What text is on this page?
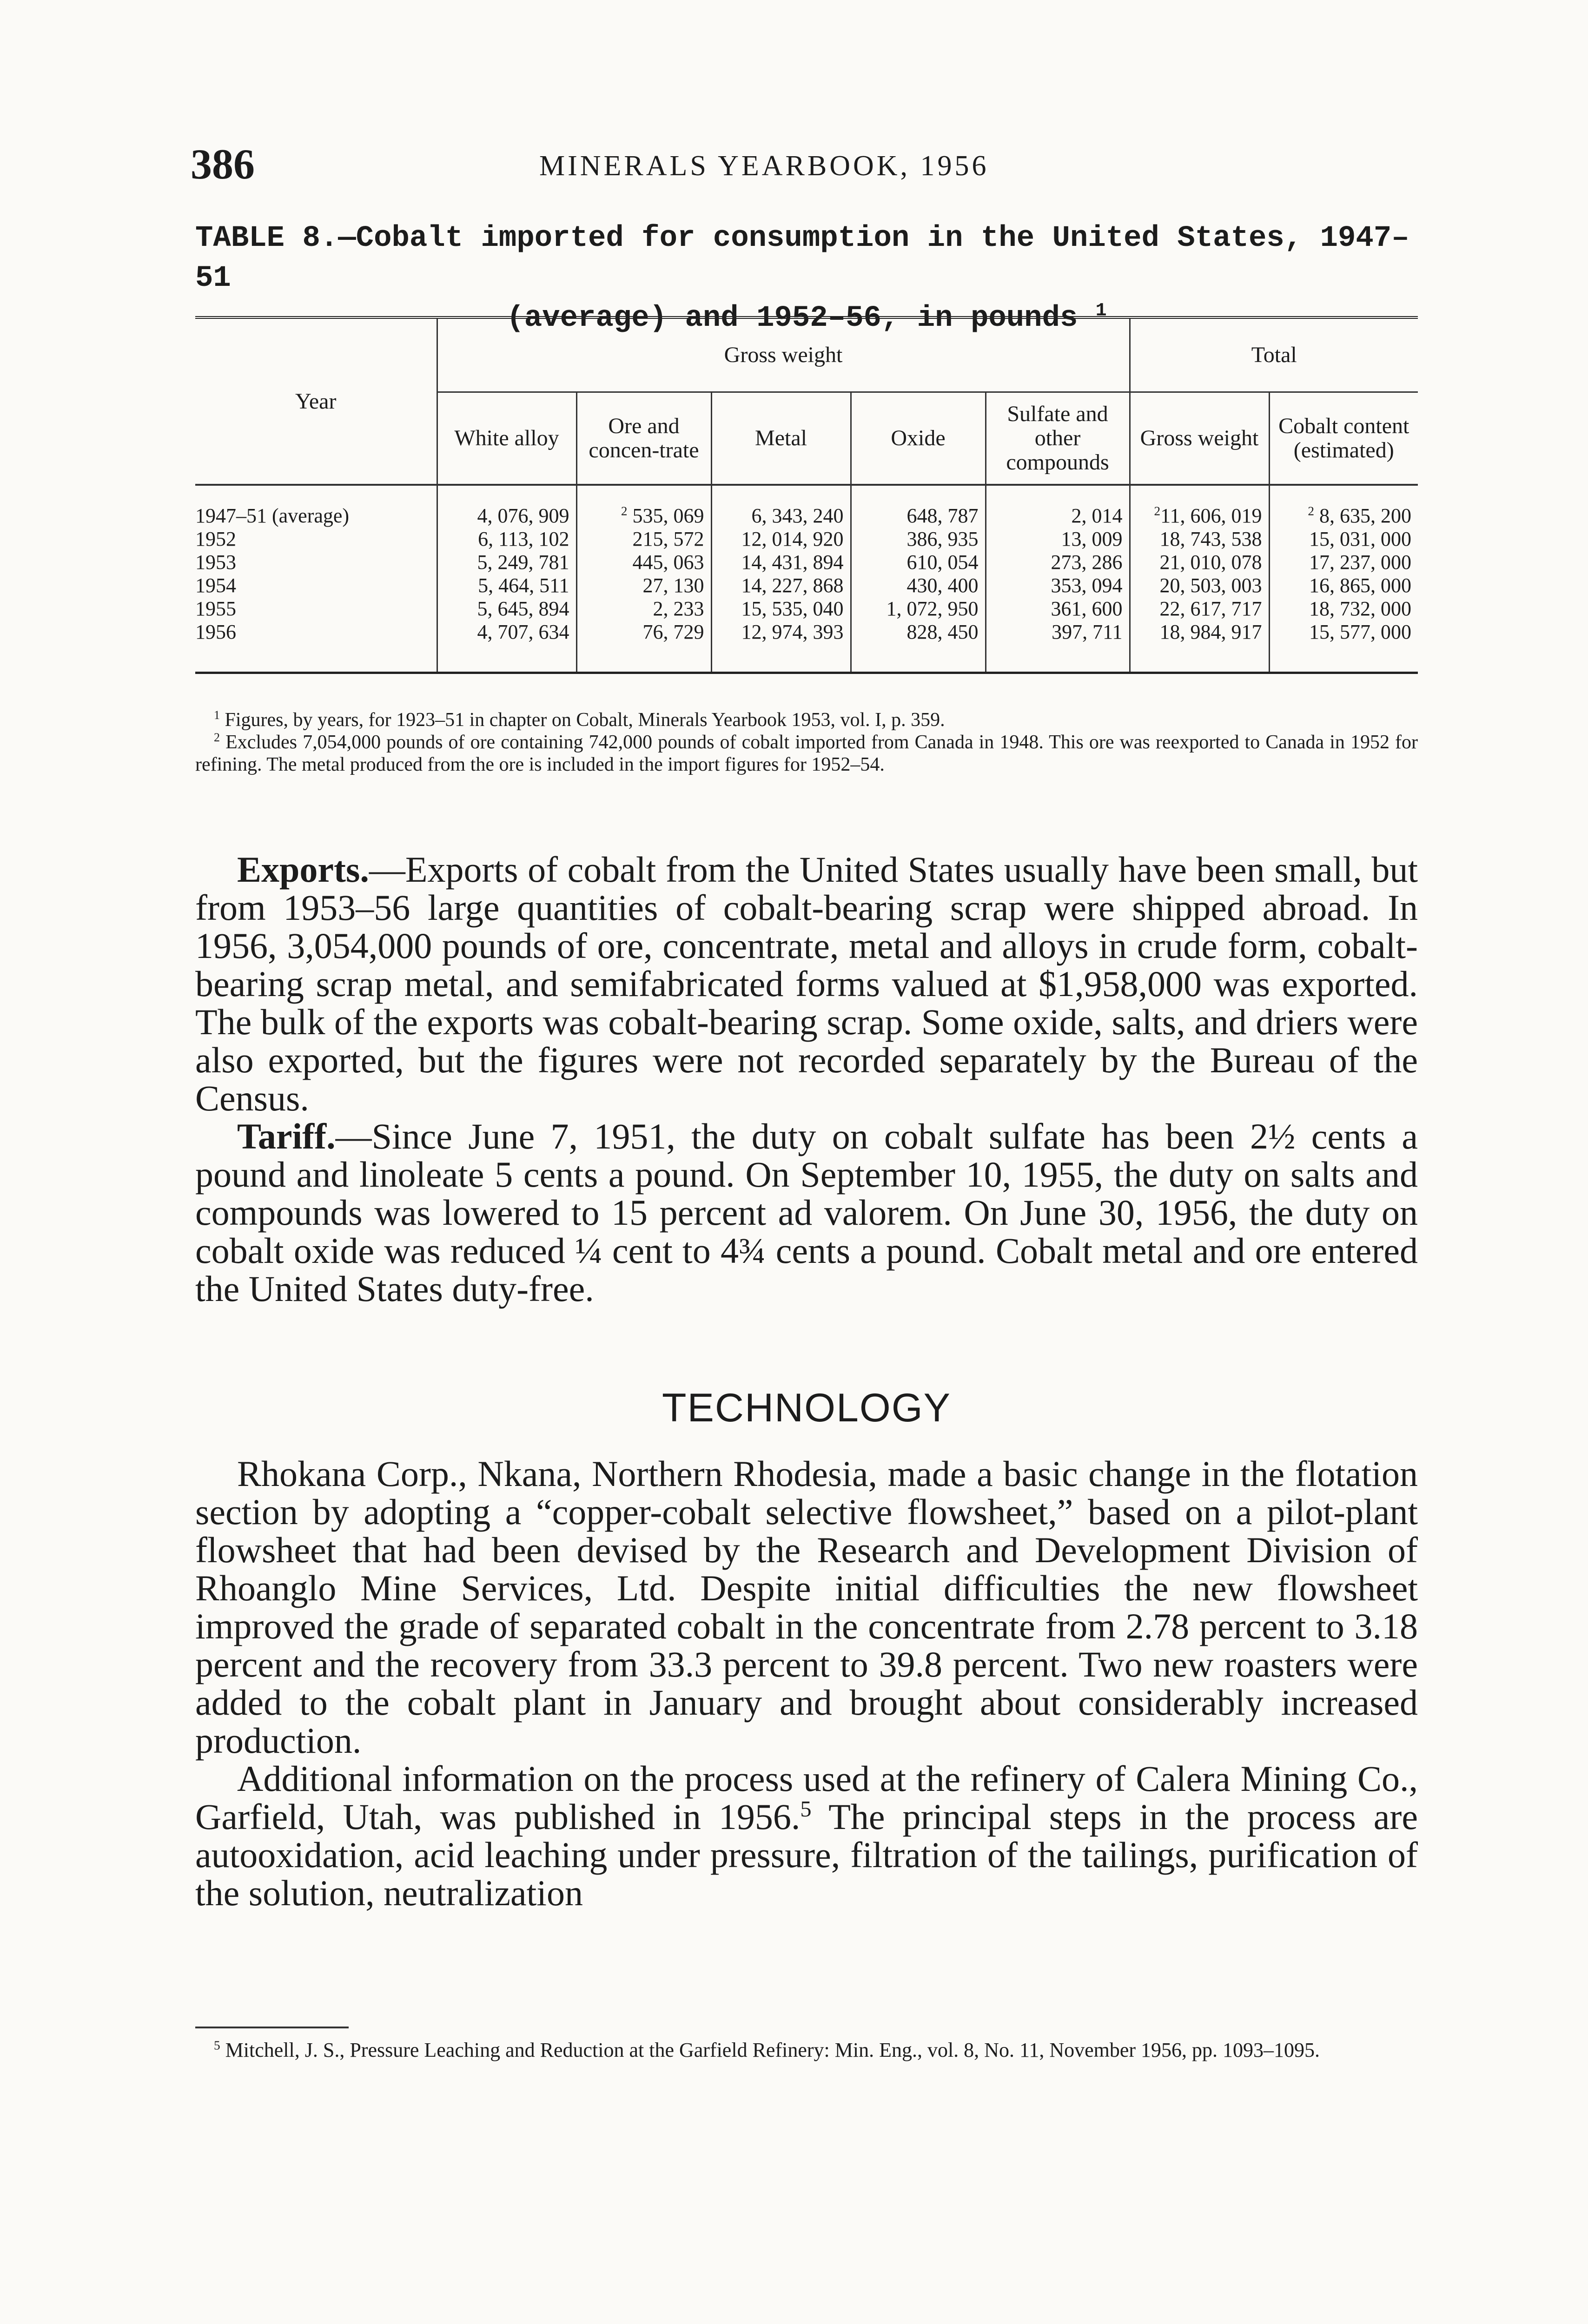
386	MINERALS YEARBOOK, 1956
TABLE 8.—Cobalt imported for consumption in the United States, 1947–51
(average) and 1952–56, in pounds $^1$
Year	Gross weight					Total	
	White alloy	Ore and concen-trate	Metal	Oxide	Sulfate and other compounds	Gross weight	Cobalt content (estimated)
1947–51 (average)	4, 076, 909	$^2$ 535, 069	6, 343, 240	648, 787	2, 014	$^2$11, 606, 019	$^2$ 8, 635, 200
1952	6, 113, 102	215, 572	12, 014, 920	386, 935	13, 009	18, 743, 538	15, 031, 000
1953	5, 249, 781	445, 063	14, 431, 894	610, 054	273, 286	21, 010, 078	17, 237, 000
1954	5, 464, 511	27, 130	14, 227, 868	430, 400	353, 094	20, 503, 003	16, 865, 000
1955	5, 645, 894	2, 233	15, 535, 040	1, 072, 950	361, 600	22, 617, 717	18, 732, 000
1956	4, 707, 634	76, 729	12, 974, 393	828, 450	397, 711	18, 984, 917	15, 577, 000

$^1$ Figures, by years, for 1923–51 in chapter on Cobalt, Minerals Yearbook 1953, vol. I, p. 359.

$^2$ Excludes 7,054,000 pounds of ore containing 742,000 pounds of cobalt imported from Canada in 1948. This ore was reexported to Canada in 1952 for refining. The metal produced from the ore is included in the import figures for 1952–54.

Exports.—Exports of cobalt from the United States usually have been small, but from 1953–56 large quantities of cobalt-bearing scrap were shipped abroad. In 1956, 3,054,000 pounds of ore, concentrate, metal and alloys in crude form, cobalt-bearing scrap metal, and semifabricated forms valued at $1,958,000 was exported. The bulk of the exports was cobalt-bearing scrap. Some oxide, salts, and driers were also exported, but the figures were not recorded separately by the Bureau of the Census.

Tariff.—Since June 7, 1951, the duty on cobalt sulfate has been 2½ cents a pound and linoleate 5 cents a pound. On September 10, 1955, the duty on salts and compounds was lowered to 15 percent ad valorem. On June 30, 1956, the duty on cobalt oxide was reduced ¼ cent to 4¾ cents a pound. Cobalt metal and ore entered the United States duty-free.

TECHNOLOGY

Rhokana Corp., Nkana, Northern Rhodesia, made a basic change in the flotation section by adopting a “copper-cobalt selective flowsheet,” based on a pilot-plant flowsheet that had been devised by the Research and Development Division of Rhoanglo Mine Services, Ltd. Despite initial difficulties the new flowsheet improved the grade of separated cobalt in the concentrate from 2.78 percent to 3.18 percent and the recovery from 33.3 percent to 39.8 percent. Two new roasters were added to the cobalt plant in January and brought about considerably increased production.

Additional information on the process used at the refinery of Calera Mining Co., Garfield, Utah, was published in 1956.$^5$ The principal steps in the process are autooxidation, acid leaching under pressure, filtration of the tailings, purification of the solution, neutralization

$^5$ Mitchell, J. S., Pressure Leaching and Reduction at the Garfield Refinery: Min. Eng., vol. 8, No. 11, November 1956, pp. 1093–1095.
